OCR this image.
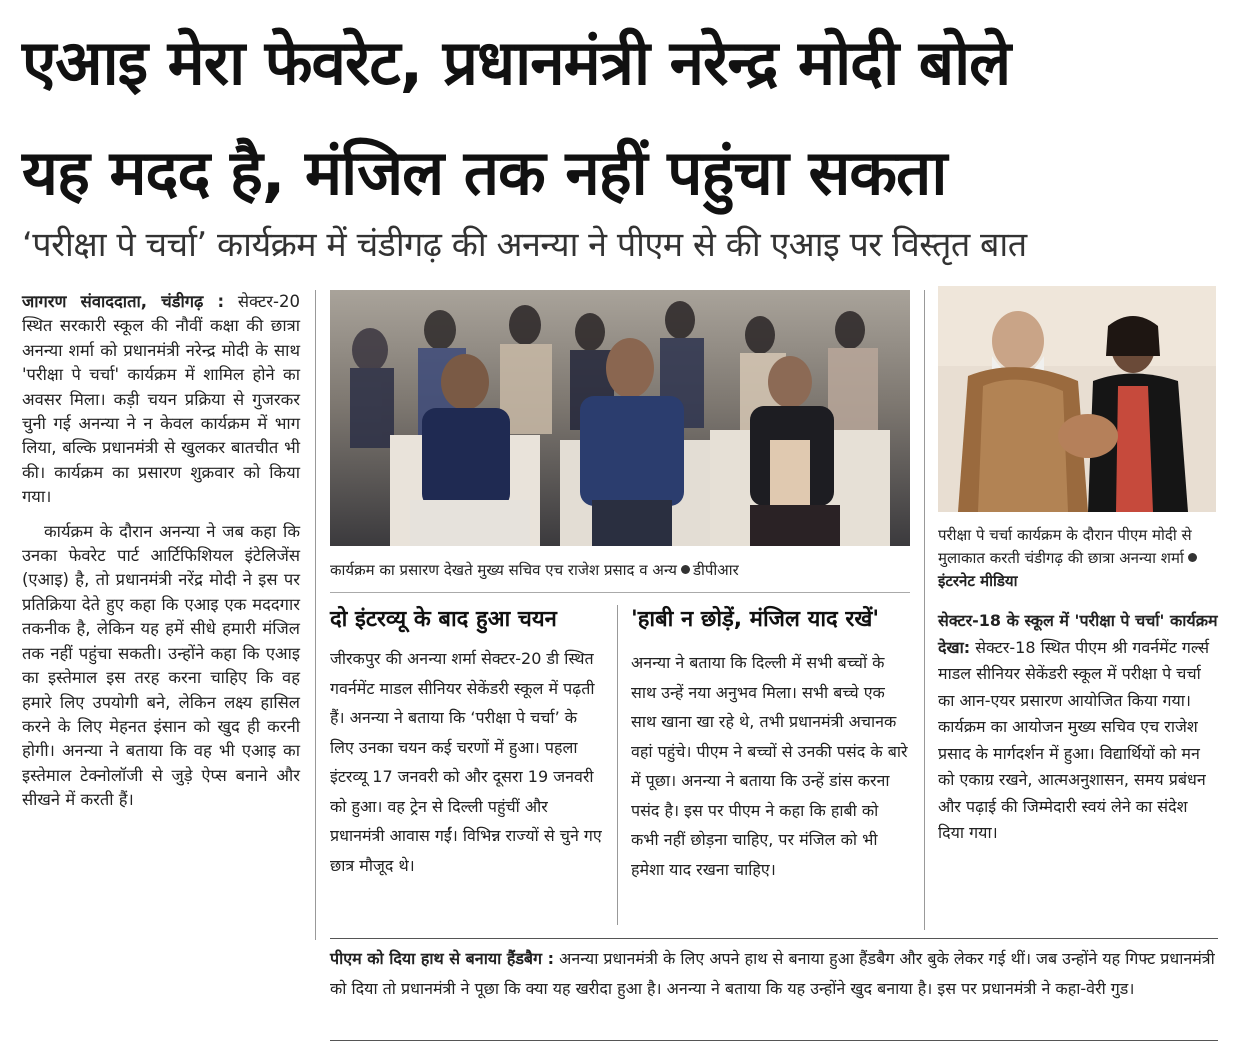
एआइ मेरा फेवरेट, प्रधानमंत्री नरेन्द्र मोदी बोले
यह मदद है, मंजिल तक नहीं पहुंचा सकता
‘परीक्षा पे चर्चा’ कार्यक्रम में चंडीगढ़ की अनन्या ने पीएम से की एआइ पर विस्तृत बात

जागरण संवाददाता, चंडीगढ़ : सेक्टर-20 स्थित सरकारी स्कूल की नौवीं कक्षा की छात्रा अनन्या शर्मा को प्रधानमंत्री नरेन्द्र मोदी के साथ 'परीक्षा पे चर्चा' कार्यक्रम में शामिल होने का अवसर मिला। कड़ी चयन प्रक्रिया से गुजरकर चुनी गई अनन्या ने न केवल कार्यक्रम में भाग लिया, बल्कि प्रधानमंत्री से खुलकर बातचीत भी की। कार्यक्रम का प्रसारण शुक्रवार को किया गया।

कार्यक्रम के दौरान अनन्या ने जब कहा कि उनका फेवरेट पार्ट आर्टिफिशियल इंटेलिजेंस (एआइ) है, तो प्रधानमंत्री नरेंद्र मोदी ने इस पर प्रतिक्रिया देते हुए कहा कि एआइ एक मददगार तकनीक है, लेकिन यह हमें सीधे हमारी मंजिल तक नहीं पहुंचा सकती। उन्होंने कहा कि एआइ का इस्तेमाल इस तरह करना चाहिए कि वह हमारे लिए उपयोगी बने, लेकिन लक्ष्य हासिल करने के लिए मेहनत इंसान को खुद ही करनी होगी। अनन्या ने बताया कि वह भी एआइ का इस्तेमाल टेक्नोलॉजी से जुड़े ऐप्स बनाने और सीखने में करती हैं।

कार्यक्रम का प्रसारण देखते मुख्य सचिव एच राजेश प्रसाद व अन्य डीपीआर
परीक्षा पे चर्चा कार्यक्रम के दौरान पीएम मोदी से मुलाकात करती चंडीगढ़ की छात्रा अनन्या शर्माइंटरनेट मीडिया
दो इंटरव्यू के बाद हुआ चयन
जीरकपुर की अनन्या शर्मा सेक्टर-20 डी स्थित गवर्नमेंट माडल सीनियर सेकेंडरी स्कूल में पढ़ती हैं। अनन्या ने बताया कि ‘परीक्षा पे चर्चा’ के लिए उनका चयन कई चरणों में हुआ। पहला इंटरव्यू 17 जनवरी को और दूसरा 19 जनवरी को हुआ। वह ट्रेन से दिल्ली पहुंचीं और प्रधानमंत्री आवास गईं। विभिन्न राज्यों से चुने गए छात्र मौजूद थे।
'हाबी न छोड़ें, मंजिल याद रखें'
अनन्या ने बताया कि दिल्ली में सभी बच्चों के साथ उन्हें नया अनुभव मिला। सभी बच्चे एक साथ खाना खा रहे थे, तभी प्रधानमंत्री अचानक वहां पहुंचे। पीएम ने बच्चों से उनकी पसंद के बारे में पूछा। अनन्या ने बताया कि उन्हें डांस करना पसंद है। इस पर पीएम ने कहा कि हाबी को कभी नहीं छोड़ना चाहिए, पर मंजिल को भी हमेशा याद रखना चाहिए।
सेक्टर-18 के स्कूल में 'परीक्षा पे चर्चा' कार्यक्रम देखा: सेक्टर-18 स्थित पीएम श्री गवर्नमेंट गर्ल्स माडल सीनियर सेकेंडरी स्कूल में परीक्षा पे चर्चा का आन-एयर प्रसारण आयोजित किया गया। कार्यक्रम का आयोजन मुख्य सचिव एच राजेश प्रसाद के मार्गदर्शन में हुआ। विद्यार्थियों को मन को एकाग्र रखने, आत्मअनुशासन, समय प्रबंधन और पढ़ाई की जिम्मेदारी स्वयं लेने का संदेश दिया गया।
पीएम को दिया हाथ से बनाया हैंडबैग : अनन्या प्रधानमंत्री के लिए अपने हाथ से बनाया हुआ हैंडबैग और बुके लेकर गई थीं। जब उन्होंने यह गिफ्ट प्रधानमंत्री को दिया तो प्रधानमंत्री ने पूछा कि क्या यह खरीदा हुआ है। अनन्या ने बताया कि यह उन्होंने खुद बनाया है। इस पर प्रधानमंत्री ने कहा-वेरी गुड।
